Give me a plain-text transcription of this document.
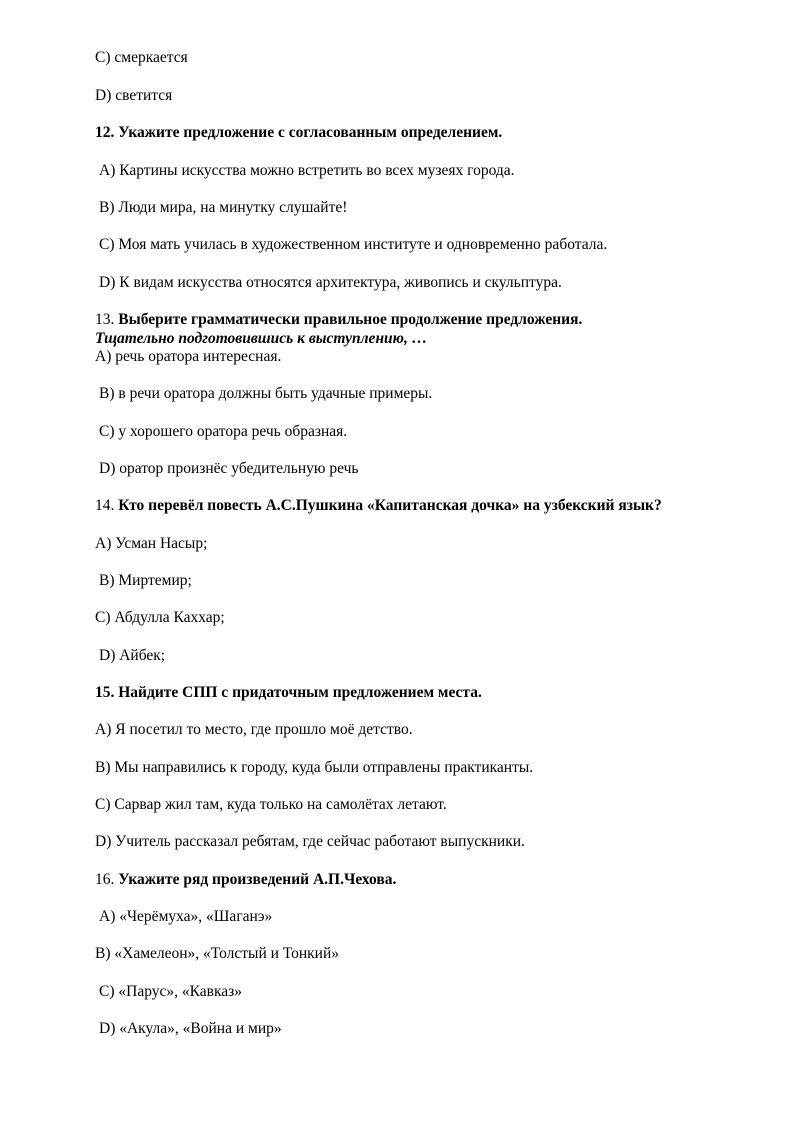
C) смеркается
D) светится
12. Укажите предложение с согласованным определением.
A) Картины искусства можно встретить во всех музеях города.
B) Люди мира, на минутку слушайте!
C) Моя мать училась в художественном институте и одновременно работала.
D) К видам искусства относятся архитектура, живопись и скульптура.
13. Выберите грамматически правильное продолжение предложения.
Тщательно подготовившись к выступлению, …
A) речь оратора интересная.
B) в речи оратора должны быть удачные примеры.
C) у хорошего оратора речь образная.
D) оратор произнёс убедительную речь
14. Кто перевёл повесть А.С.Пушкина «Капитанская дочка» на узбекский язык?
A) Усман Насыр;
B) Миртемир;
C) Абдулла Каххар;
D) Айбек;
15. Найдите СПП с придаточным предложением места.
A) Я посетил то место, где прошло моё детство.
B) Мы направились к городу, куда были отправлены практиканты.
C) Сарвар жил там, куда только на самолётах летают.
D) Учитель рассказал ребятам, где сейчас работают выпускники.
16. Укажите ряд произведений А.П.Чехова.
A) «Черёмуха», «Шаганэ»
B) «Хамелеон», «Толстый и Тонкий»
C) «Парус», «Кавказ»
D) «Акула», «Война и мир»
